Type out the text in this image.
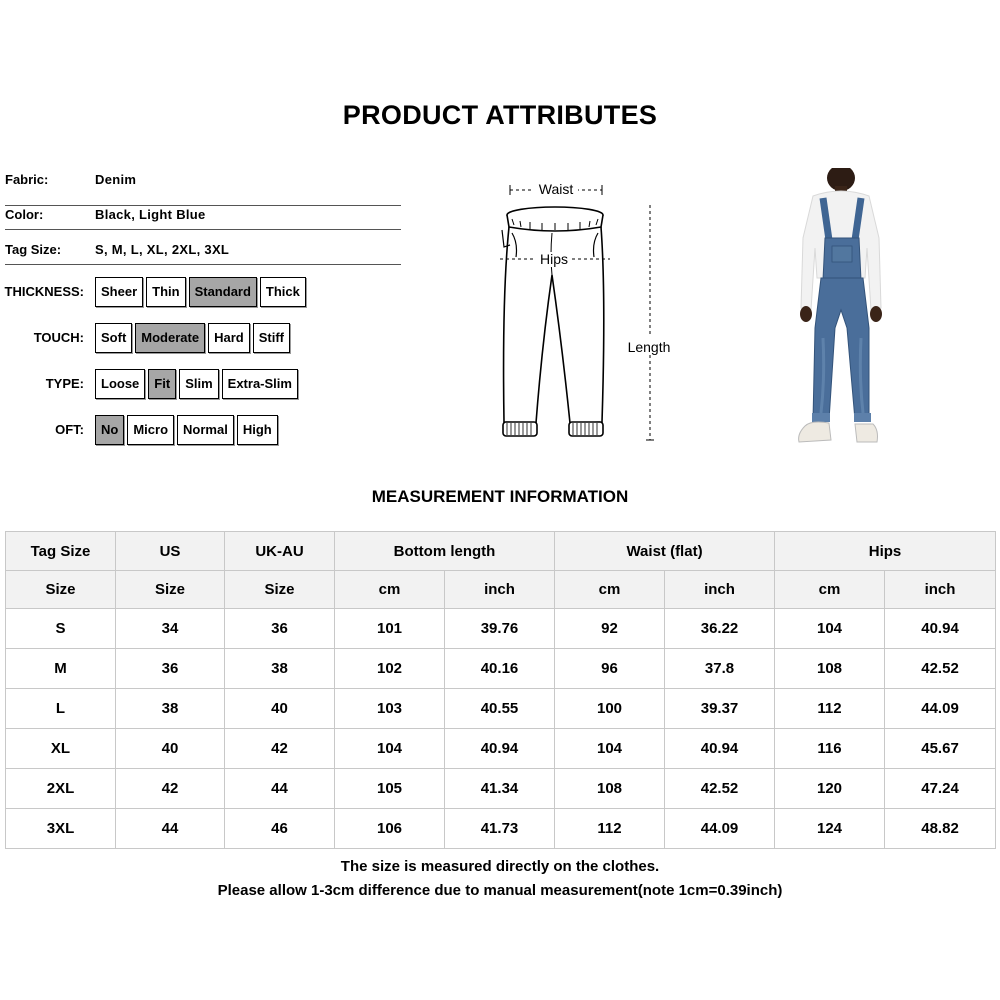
PRODUCT ATTRIBUTES
Fabric:	Denim
Color:	Black, Light Blue
Tag Size:	S, M, L, XL, 2XL, 3XL
THICKNESS:	Sheer	Thin	Standard	Thick
TOUCH:	Soft	Moderate	Hard	Stiff
TYPE:	Loose	Fit	Slim	Extra-Slim
OFT:	No	Micro	Normal	High
Waist
Hips
Length
MEASUREMENT INFORMATION
Tag Size	US	UK-AU	Bottom length		Waist (flat)		Hips	
Size	Size	Size	cm	inch	cm	inch	cm	inch
S	34	36	101	39.76	92	36.22	104	40.94
M	36	38	102	40.16	96	37.8	108	42.52
L	38	40	103	40.55	100	39.37	112	44.09
XL	40	42	104	40.94	104	40.94	116	45.67
2XL	42	44	105	41.34	108	42.52	120	47.24
3XL	44	46	106	41.73	112	44.09	124	48.82
The size is measured directly on the clothes.
Please allow 1-3cm difference due to manual measurement(note 1cm=0.39inch)
